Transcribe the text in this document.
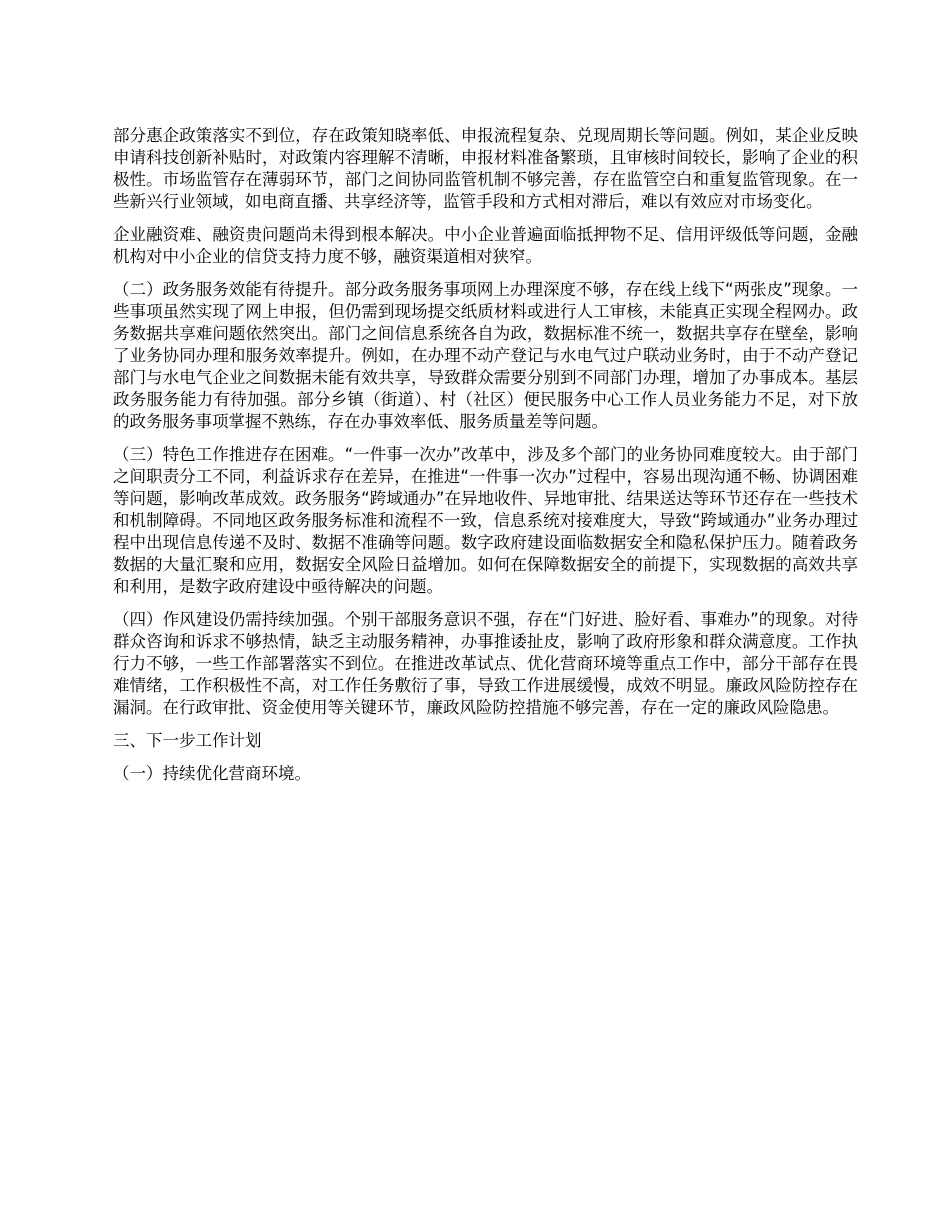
部分惠企政策落实不到位，存在政策知晓率低、申报流程复杂、兑现周期长等问题。例如，某企业反映申请科技创新补贴时，对政策内容理解不清晰，申报材料准备繁琐，且审核时间较长，影响了企业的积极性。市场监管存在薄弱环节，部门之间协同监管机制不够完善，存在监管空白和重复监管现象。在一些新兴行业领域，如电商直播、共享经济等，监管手段和方式相对滞后，难以有效应对市场变化。

企业融资难、融资贵问题尚未得到根本解决。中小企业普遍面临抵押物不足、信用评级低等问题，金融机构对中小企业的信贷支持力度不够，融资渠道相对狭窄。

（二）政务服务效能有待提升。部分政务服务事项网上办理深度不够，存在线上线下“两张皮”现象。一些事项虽然实现了网上申报，但仍需到现场提交纸质材料或进行人工审核，未能真正实现全程网办。政务数据共享难问题依然突出。部门之间信息系统各自为政，数据标准不统一，数据共享存在壁垒，影响了业务协同办理和服务效率提升。例如，在办理不动产登记与水电气过户联动业务时，由于不动产登记部门与水电气企业之间数据未能有效共享，导致群众需要分别到不同部门办理，增加了办事成本。基层政务服务能力有待加强。部分乡镇（街道）、村（社区）便民服务中心工作人员业务能力不足，对下放的政务服务事项掌握不熟练，存在办事效率低、服务质量差等问题。

（三）特色工作推进存在困难。“一件事一次办”改革中，涉及多个部门的业务协同难度较大。由于部门之间职责分工不同，利益诉求存在差异，在推进“一件事一次办”过程中，容易出现沟通不畅、协调困难等问题，影响改革成效。政务服务“跨域通办”在异地收件、异地审批、结果送达等环节还存在一些技术和机制障碍。不同地区政务服务标准和流程不一致，信息系统对接难度大，导致“跨域通办”业务办理过程中出现信息传递不及时、数据不准确等问题。数字政府建设面临数据安全和隐私保护压力。随着政务数据的大量汇聚和应用，数据安全风险日益增加。如何在保障数据安全的前提下，实现数据的高效共享和利用，是数字政府建设中亟待解决的问题。

（四）作风建设仍需持续加强。个别干部服务意识不强，存在“门好进、脸好看、事难办”的现象。对待群众咨询和诉求不够热情，缺乏主动服务精神，办事推诿扯皮，影响了政府形象和群众满意度。工作执行力不够，一些工作部署落实不到位。在推进改革试点、优化营商环境等重点工作中，部分干部存在畏难情绪，工作积极性不高，对工作任务敷衍了事，导致工作进展缓慢，成效不明显。廉政风险防控存在漏洞。在行政审批、资金使用等关键环节，廉政风险防控措施不够完善，存在一定的廉政风险隐患。

三、下一步工作计划

（一）持续优化营商环境。
